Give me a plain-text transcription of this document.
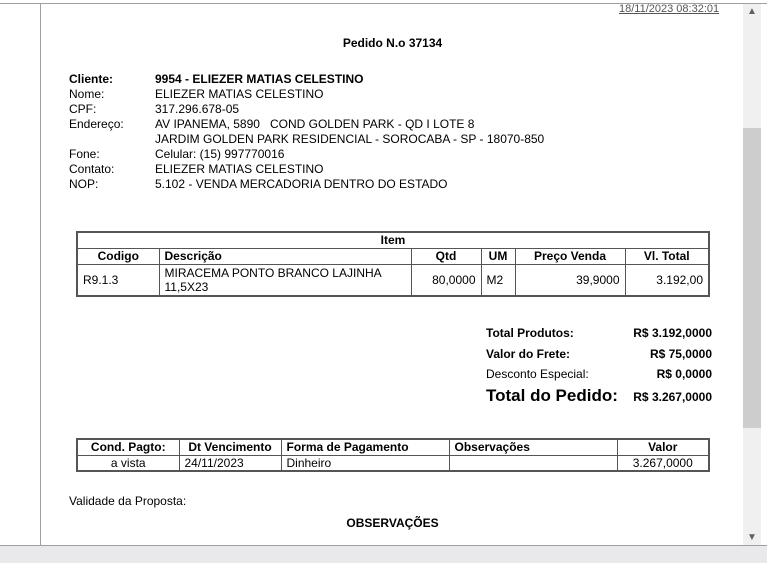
18/11/2023 08:32:01
Pedido N.o 37134
Cliente:	9954 - ELIEZER MATIAS CELESTINO
Nome:	ELIEZER MATIAS CELESTINO
CPF:	317.296.678-05
Endereço:	AV IPANEMA, 5890   COND GOLDEN PARK - QD I LOTE 8
JARDIM GOLDEN PARK RESIDENCIAL - SOROCABA - SP - 18070-850
Fone:	Celular: (15) 997770016
Contato:	ELIEZER MATIAS CELESTINO
NOP:	5.102 - VENDA MERCADORIA DENTRO DO ESTADO
Item					
Codigo	Descrição	Qtd	UM	Preço Venda	Vl. Total
R9.1.3	MIRACEMA PONTO BRANCO LAJINHA 11,5X23	80,0000	M2	39,9000	3.192,00
Total Produtos:	R$ 3.192,0000
Valor do Frete:	R$ 75,0000
Desconto Especial:	R$ 0,0000
Total do Pedido: R$ 3.267,0000
Cond. Pagto:	Dt Vencimento	Forma de Pagamento	Observações	Valor
a vista	24/11/2023	Dinheiro		3.267,0000
Validade da Proposta:
OBSERVAÇÕES
▲
▼
